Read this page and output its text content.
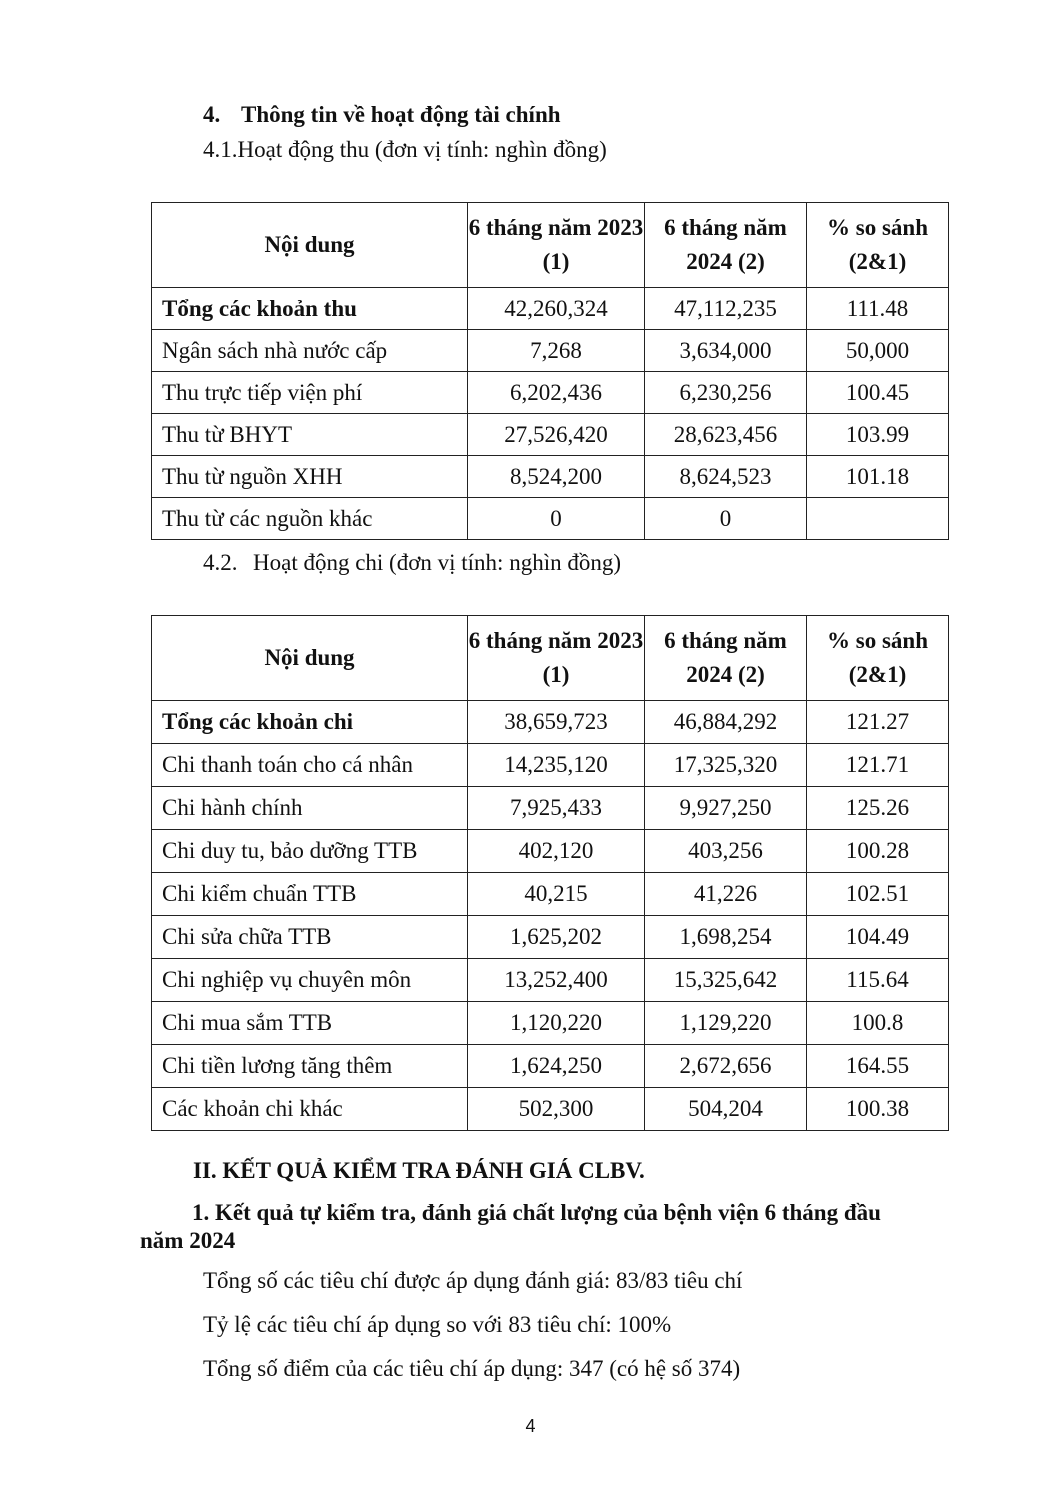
4. Thông tin về hoạt động tài chính
4.1.Hoạt động thu (đơn vị tính: nghìn đồng)
Nội dung	6 tháng năm 2023 (1)	6 tháng năm 2024 (2)	% so sánh (2&1)
Tổng các khoản thu	42,260,324	47,112,235	111.48
Ngân sách nhà nước cấp	7,268	3,634,000	50,000
Thu trực tiếp viện phí	6,202,436	6,230,256	100.45
Thu từ BHYT	27,526,420	28,623,456	103.99
Thu từ nguồn XHH	8,524,200	8,624,523	101.18
Thu từ các nguồn khác	0	0	
4.2. Hoạt động chi (đơn vị tính: nghìn đồng)
Nội dung	6 tháng năm 2023 (1)	6 tháng năm 2024 (2)	% so sánh (2&1)
Tổng các khoản chi	38,659,723	46,884,292	121.27
Chi thanh toán cho cá nhân	14,235,120	17,325,320	121.71
Chi hành chính	7,925,433	9,927,250	125.26
Chi duy tu, bảo dưỡng TTB	402,120	403,256	100.28
Chi kiểm chuẩn TTB	40,215	41,226	102.51
Chi sửa chữa TTB	1,625,202	1,698,254	104.49
Chi nghiệp vụ chuyên môn	13,252,400	15,325,642	115.64
Chi mua sắm TTB	1,120,220	1,129,220	100.8
Chi tiền lương tăng thêm	1,624,250	2,672,656	164.55
Các khoản chi khác	502,300	504,204	100.38
II. KẾT QUẢ KIỂM TRA ĐÁNH GIÁ CLBV.
1. Kết quả tự kiểm tra, đánh giá chất lượng của bệnh viện 6 tháng đầu
năm 2024
Tổng số các tiêu chí được áp dụng đánh giá: 83/83 tiêu chí
Tỷ lệ các tiêu chí áp dụng so với 83 tiêu chí: 100%
Tổng số điểm của các tiêu chí áp dụng: 347 (có hệ số 374)
4
